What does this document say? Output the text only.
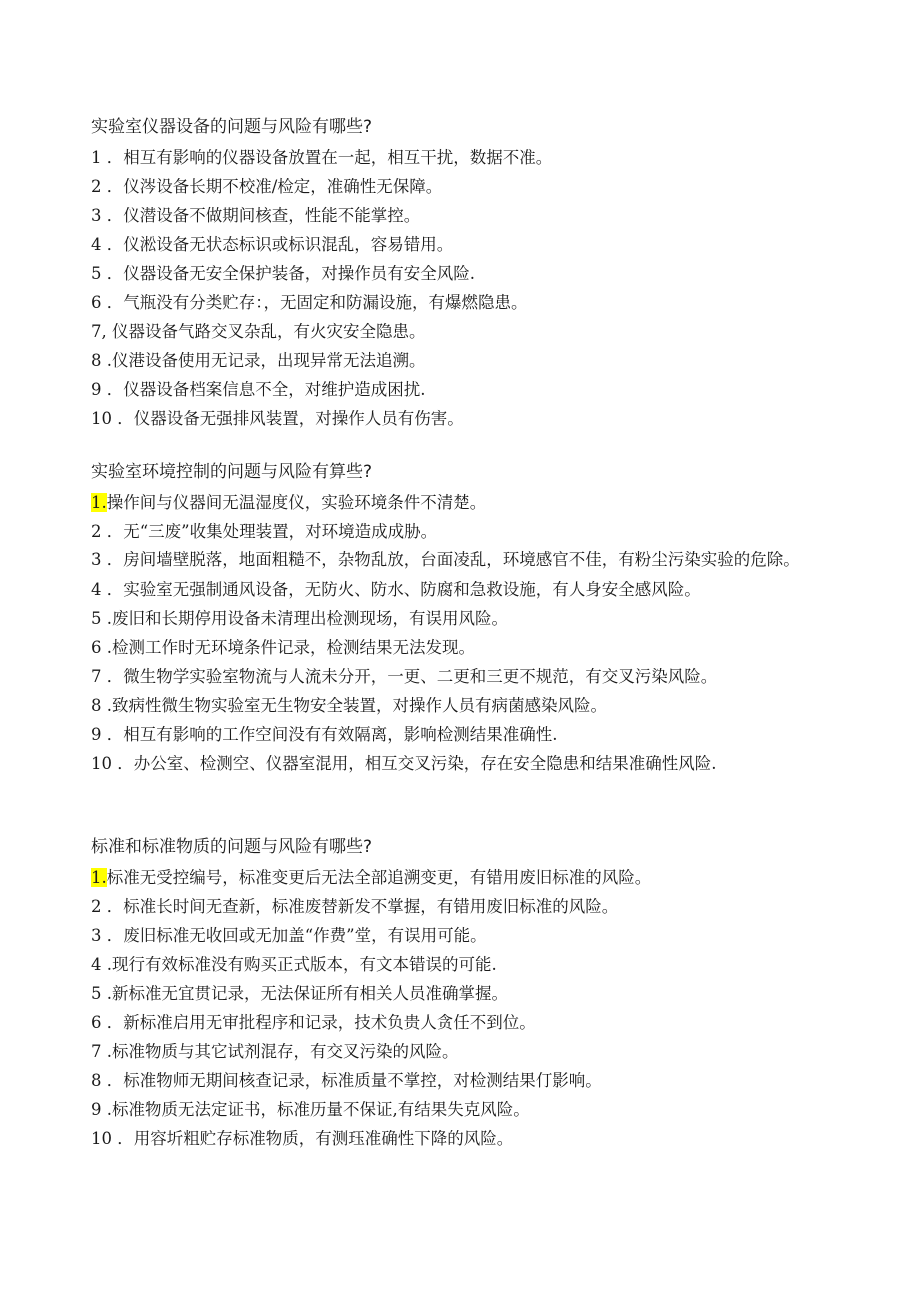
实验室仪器设备的问题与风险有哪些?
1 ．相互有影响的仪器设备放置在一起，相互干扰，数据不准。
2 ．仪涔设备长期不校准/检定，准确性无保障。
3 ．仪潜设备不做期间核查，性能不能掌控。
4 ．仪淞设备无状态标识或标识混乱，容易错用。
5 ．仪器设备无安全保护装备，对操作员有安全风险.
6 ．气瓶没有分类贮存：，无固定和防漏设施，有爆燃隐患。
7, 仪器设备气路交叉杂乱，有火灾安全隐患。
8 .仪港设备使用无记录，出现异常无法追溯。
9 ．仪器设备档案信息不全，对维护造成困扰.
10 ．仪器设备无强排风装置，对操作人员有伤害。
实验室环境控制的问题与风险有算些?
1.操作间与仪器间无温湿度仪，实验环境条件不清楚。
2 ．无“三废”收集处理装置，对环境造成成胁。
3 ．房间墙壁脱落，地面粗糙不，杂物乱放，台面凌乱，环境感官不佳，有粉尘污染实验的危除。
4 ．实验室无强制通风设备，无防火、防水、防腐和急救设施，有人身安全感风险。
5 .废旧和长期停用设备未清理出检测现场，有误用风险。
6 .检测工作时无环境条件记录，检测结果无法发现。
7 ．微生物学实验室物流与人流未分开，一更、二更和三更不规范，有交叉污染风险。
8 .致病性微生物实验室无生物安全装置，对操作人员有病菌感染风险。
9 ．相互有影响的工作空间没有有效隔离，影响检测结果准确性.
10 ．办公室、检测空、仪器室混用，相互交叉污染，存在安全隐患和结果准确性风险.
标准和标准物质的问题与风险有哪些?
1.标准无受控编号，标准变更后无法全部追溯变更，有错用废旧标准的风险。
2 ．标准长时间无查新，标准废替新发不掌握，有错用废旧标准的风险。
3 ．废旧标准无收回或无加盖“作费”堂，有误用可能。
4 .现行有效标准没有购买正式版本，有文本错误的可能.
5 .新标准无宜贯记录，无法保证所有相关人员准确掌握。
6 ．新标准启用无审批程序和记录，技术负贵人贪任不到位。
7 .标准物质与其它试剂混存，有交叉污染的风险。
8 ．标准物师无期间核查记录，标准质量不掌控，对检测结果仃影响。
9 .标准物质无法定证书，标准历量不保证,有结果失克风险。
10 ．用容圻粗贮存标准物质，有测珏准确性下降的风险。
